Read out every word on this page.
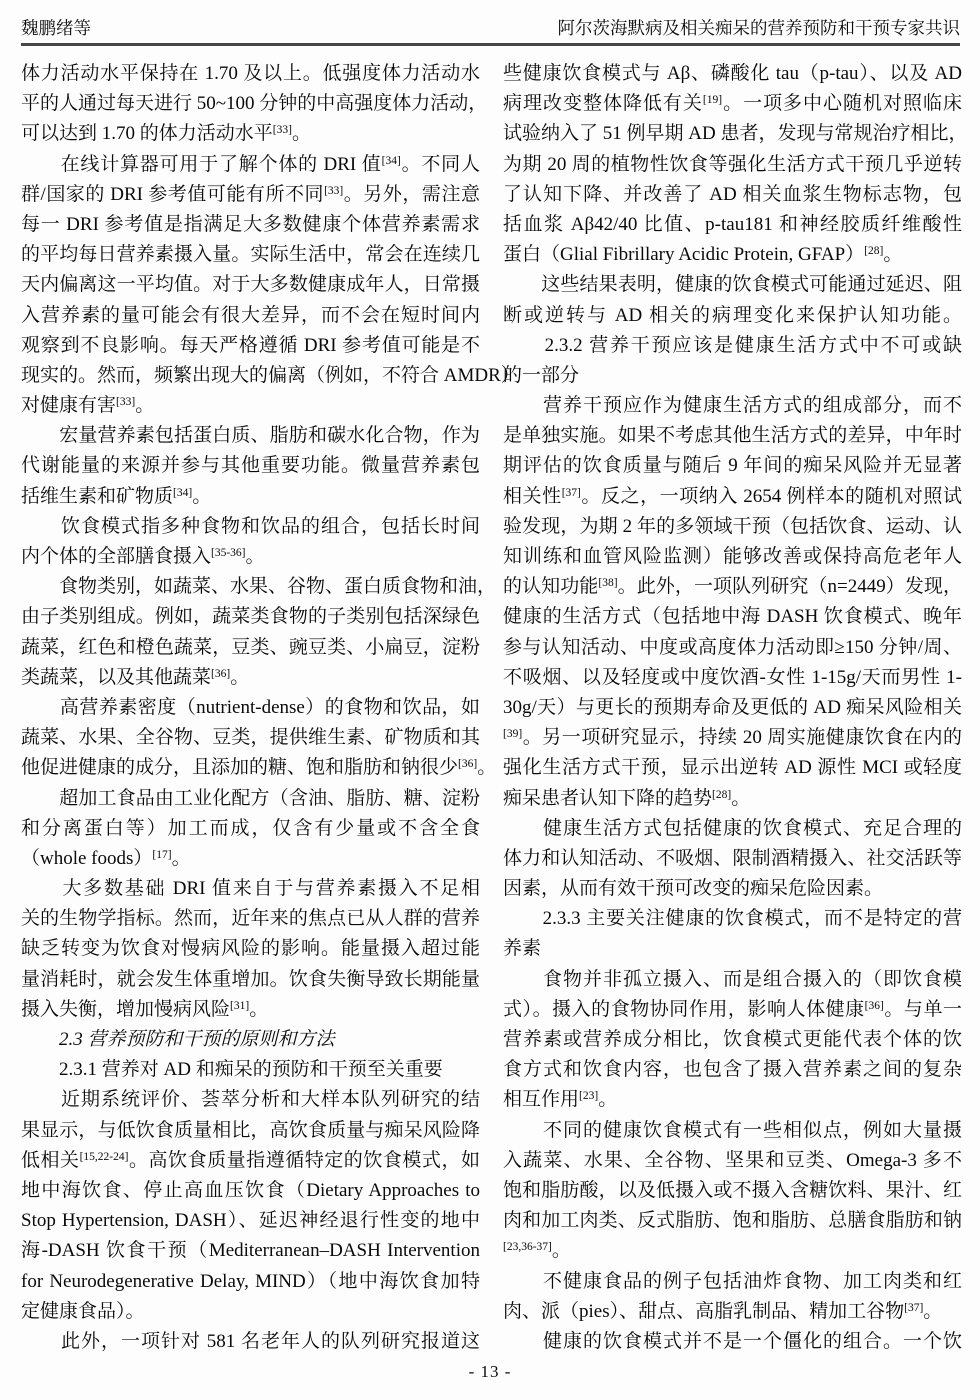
魏鹏绪等	阿尔茨海默病及相关痴呆的营养预防和干预专家共识
体力活动水平保持在 1.70 及以上。低强度体力活动水
平的人通过每天进行 50~100 分钟的中高强度体力活动，
可以达到 1.70 的体力活动水平[33]。
　　在线计算器可用于了解个体的 DRI 值[34]。不同人
群/国家的 DRI 参考值可能有所不同[33]。另外，需注意
每一 DRI 参考值是指满足大多数健康个体营养素需求
的平均每日营养素摄入量。实际生活中，常会在连续几
天内偏离这一平均值。对于大多数健康成年人，日常摄
入营养素的量可能会有很大差异，而不会在短时间内
观察到不良影响。每天严格遵循 DRI 参考值可能是不
现实的。然而，频繁出现大的偏离（例如，不符合 AMDR）
对健康有害[33]。
　　宏量营养素包括蛋白质、脂肪和碳水化合物，作为
代谢能量的来源并参与其他重要功能。微量营养素包
括维生素和矿物质[34]。
　　饮食模式指多种食物和饮品的组合，包括长时间
内个体的全部膳食摄入[35-36]。
　　食物类别，如蔬菜、水果、谷物、蛋白质食物和油，
由子类别组成。例如，蔬菜类食物的子类别包括深绿色
蔬菜，红色和橙色蔬菜，豆类、豌豆类、小扁豆，淀粉
类蔬菜，以及其他蔬菜[36]。
　　高营养素密度（nutrient-dense）的食物和饮品，如
蔬菜、水果、全谷物、豆类，提供维生素、矿物质和其
他促进健康的成分，且添加的糖、饱和脂肪和钠很少[36]。
　　超加工食品由工业化配方（含油、脂肪、糖、淀粉
和分离蛋白等）加工而成，仅含有少量或不含全食
（whole foods）[17]。
　　大多数基础 DRI 值来自于与营养素摄入不足相
关的生物学指标。然而，近年来的焦点已从人群的营养
缺乏转变为饮食对慢病风险的影响。能量摄入超过能
量消耗时，就会发生体重增加。饮食失衡导致长期能量
摄入失衡，增加慢病风险[31]。
　　2.3 营养预防和干预的原则和方法
　　2.3.1 营养对 AD 和痴呆的预防和干预至关重要
　　近期系统评价、荟萃分析和大样本队列研究的结
果显示，与低饮食质量相比，高饮食质量与痴呆风险降
低相关[15,22-24]。高饮食质量指遵循特定的饮食模式，如
地中海饮食、停止高血压饮食（Dietary Approaches to
Stop Hypertension, DASH）、延迟神经退行性变的地中
海-DASH 饮食干预（Mediterranean–DASH Intervention
for Neurodegenerative Delay, MIND）（地中海饮食加特
定健康食品）。
　　此外，一项针对 581 名老年人的队列研究报道这
些健康饮食模式与 Aβ、磷酸化 tau（p-tau）、以及 AD
病理改变整体降低有关[19]。一项多中心随机对照临床
试验纳入了 51 例早期 AD 患者，发现与常规治疗相比，
为期 20 周的植物性饮食等强化生活方式干预几乎逆转
了认知下降、并改善了 AD 相关血浆生物标志物，包
括血浆 Aβ42/40 比值、p-tau181 和神经胶质纤维酸性
蛋白（Glial Fibrillary Acidic Protein, GFAP）[28]。
　　这些结果表明，健康的饮食模式可能通过延迟、阻
断或逆转与 AD 相关的病理变化来保护认知功能。
　　2.3.2 营养干预应该是健康生活方式中不可或缺
的一部分
　　营养干预应作为健康生活方式的组成部分，而不
是单独实施。如果不考虑其他生活方式的差异，中年时
期评估的饮食质量与随后 9 年间的痴呆风险并无显著
相关性[37]。反之，一项纳入 2654 例样本的随机对照试
验发现，为期 2 年的多领域干预（包括饮食、运动、认
知训练和血管风险监测）能够改善或保持高危老年人
的认知功能[38]。此外，一项队列研究（n=2449）发现，
健康的生活方式（包括地中海 DASH 饮食模式、晚年
参与认知活动、中度或高度体力活动即≥150 分钟/周、
不吸烟、以及轻度或中度饮酒-女性 1-15g/天而男性 1-
30g/天）与更长的预期寿命及更低的 AD 痴呆风险相关
[39]。另一项研究显示，持续 20 周实施健康饮食在内的
强化生活方式干预，显示出逆转 AD 源性 MCI 或轻度
痴呆患者认知下降的趋势[28]。
　　健康生活方式包括健康的饮食模式、充足合理的
体力和认知活动、不吸烟、限制酒精摄入、社交活跃等
因素，从而有效干预可改变的痴呆危险因素。
　　2.3.3 主要关注健康的饮食模式，而不是特定的营
养素
　　食物并非孤立摄入、而是组合摄入的（即饮食模
式）。摄入的食物协同作用，影响人体健康[36]。与单一
营养素或营养成分相比，饮食模式更能代表个体的饮
食方式和饮食内容，也包含了摄入营养素之间的复杂
相互作用[23]。
　　不同的健康饮食模式有一些相似点，例如大量摄
入蔬菜、水果、全谷物、坚果和豆类、Omega-3 多不
饱和脂肪酸，以及低摄入或不摄入含糖饮料、果汁、红
肉和加工肉类、反式脂肪、饱和脂肪、总膳食脂肪和钠
[23,36-37]。
　　不健康食品的例子包括油炸食物、加工肉类和红
肉、派（pies）、甜点、高脂乳制品、精加工谷物[37]。
　　健康的饮食模式并不是一个僵化的组合。一个饮
- 13 -
